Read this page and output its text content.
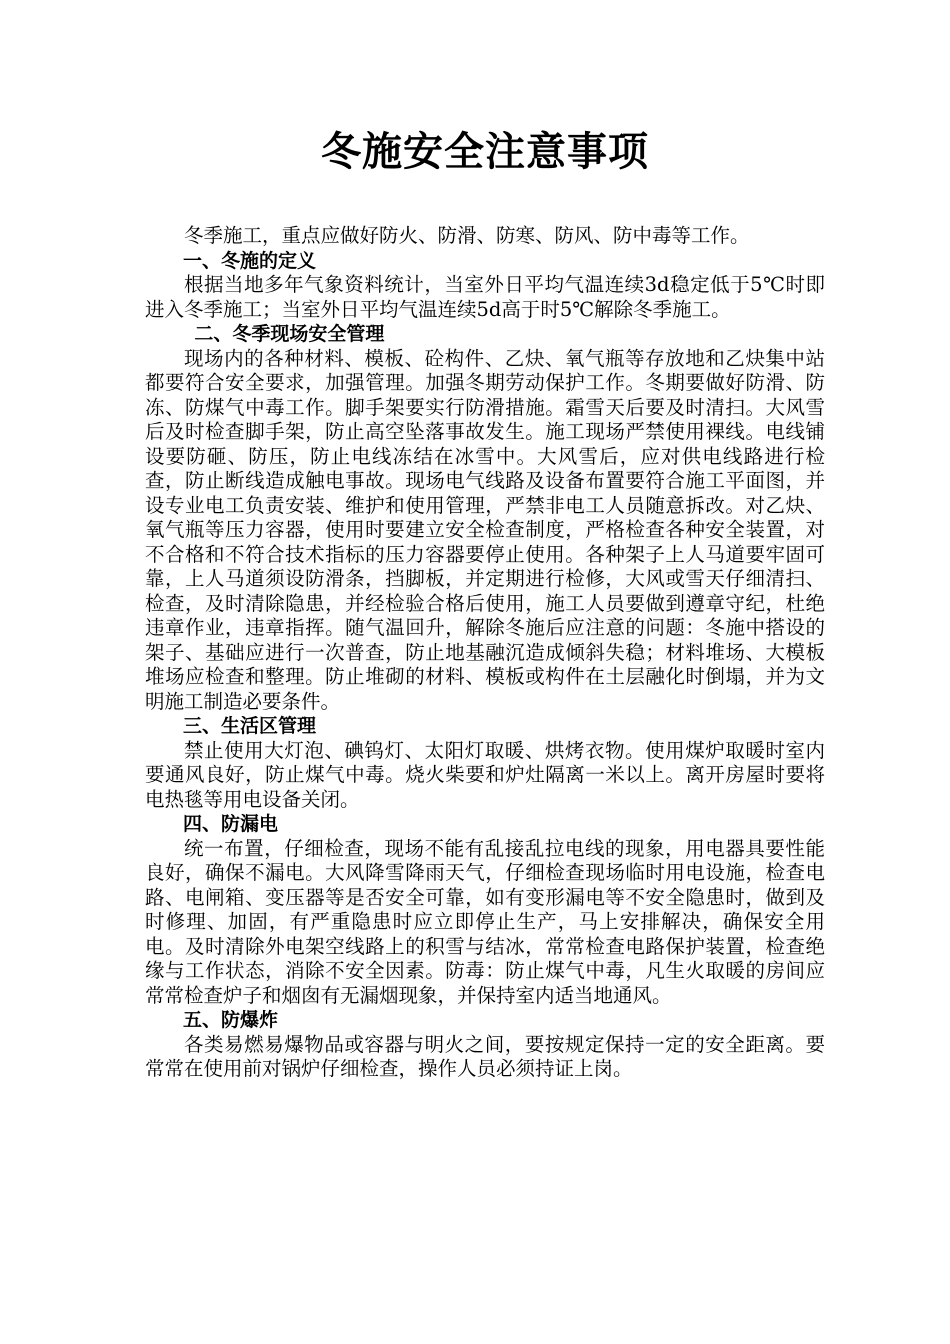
冬施安全注意事项

冬季施工，重点应做好防火、防滑、防寒、防风、防中毒等工作。

一、冬施的定义

根据当地多年气象资料统计，当室外日平均气温连续3d稳定低于5℃时即进入冬季施工；当室外日平均气温连续5d高于时5℃解除冬季施工。

二、冬季现场安全管理

现场内的各种材料、模板、砼构件、乙炔、氧气瓶等存放地和乙炔集中站都要符合安全要求，加强管理。加强冬期劳动保护工作。冬期要做好防滑、防冻、防煤气中毒工作。脚手架要实行防滑措施。霜雪天后要及时清扫。大风雪后及时检查脚手架，防止高空坠落事故发生。施工现场严禁使用裸线。电线铺设要防砸、防压，防止电线冻结在冰雪中。大风雪后，应对供电线路进行检查，防止断线造成触电事故。现场电气线路及设备布置要符合施工平面图，并设专业电工负责安装、维护和使用管理，严禁非电工人员随意拆改。对乙炔、氧气瓶等压力容器，使用时要建立安全检查制度，严格检查各种安全装置，对不合格和不符合技术指标的压力容器要停止使用。各种架子上人马道要牢固可靠，上人马道须设防滑条，挡脚板，并定期进行检修，大风或雪天仔细清扫、检查，及时清除隐患，并经检验合格后使用，施工人员要做到遵章守纪，杜绝违章作业，违章指挥。随气温回升，解除冬施后应注意的问题：冬施中搭设的架子、基础应进行一次普查，防止地基融沉造成倾斜失稳；材料堆场、大模板堆场应检查和整理。防止堆砌的材料、模板或构件在土层融化时倒塌，并为文明施工制造必要条件。

三、生活区管理

禁止使用大灯泡、碘钨灯、太阳灯取暖、烘烤衣物。使用煤炉取暖时室内要通风良好，防止煤气中毒。烧火柴要和炉灶隔离一米以上。离开房屋时要将电热毯等用电设备关闭。

四、防漏电

统一布置，仔细检查，现场不能有乱接乱拉电线的现象，用电器具要性能良好，确保不漏电。大风降雪降雨天气，仔细检查现场临时用电设施，检查电路、电闸箱、变压器等是否安全可靠，如有变形漏电等不安全隐患时，做到及时修理、加固，有严重隐患时应立即停止生产，马上安排解决，确保安全用电。及时清除外电架空线路上的积雪与结冰，常常检查电路保护装置，检查绝缘与工作状态，消除不安全因素。防毒：防止煤气中毒，凡生火取暖的房间应常常检查炉子和烟囱有无漏烟现象，并保持室内适当地通风。

五、防爆炸

各类易燃易爆物品或容器与明火之间，要按规定保持一定的安全距离。要常常在使用前对锅炉仔细检查，操作人员必须持证上岗。
